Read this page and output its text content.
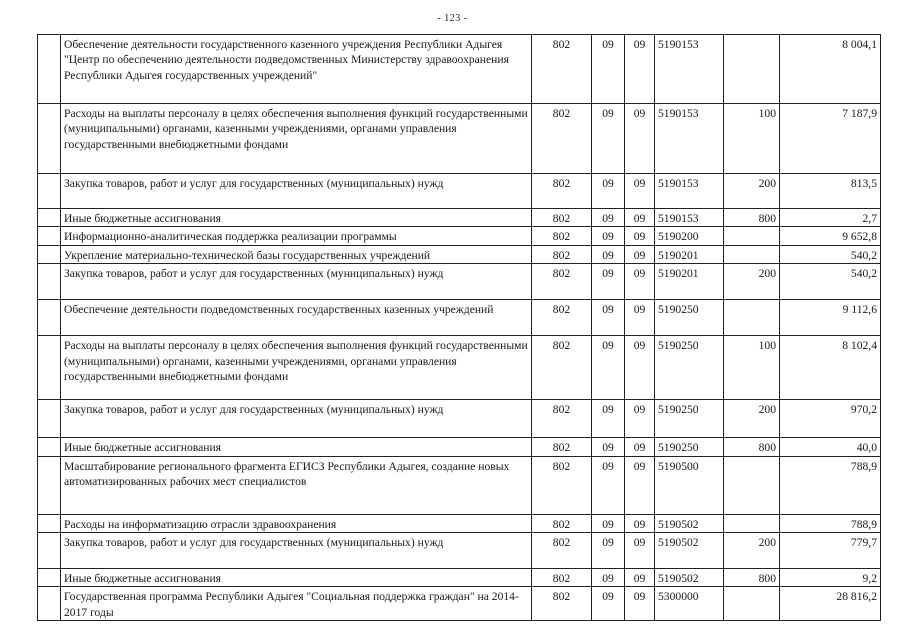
- 123 -
	Обеспечение деятельности государственного казенного учреждения Республики Адыгея "Центр по обеспечению деятельности подведомственных Министерству здравоохранения Республики Адыгея государственных учреждений"	802	09	09	5190153		8 004,1
	Расходы на выплаты персоналу в целях обеспечения выполнения функций государственными (муниципальными) органами, казенными учреждениями, органами управления государственными внебюджетными фондами	802	09	09	5190153	100	7 187,9
	Закупка товаров, работ и услуг для государственных (муниципальных) нужд	802	09	09	5190153	200	813,5
	Иные бюджетные ассигнования	802	09	09	5190153	800	2,7
	Информационно-аналитическая поддержка реализации программы	802	09	09	5190200		9 652,8
	Укрепление материально-технической базы государственных учреждений	802	09	09	5190201		540,2
	Закупка товаров, работ и услуг для государственных (муниципальных) нужд	802	09	09	5190201	200	540,2
	Обеспечение деятельности подведомственных государственных казенных учреждений	802	09	09	5190250		9 112,6
	Расходы на выплаты персоналу в целях обеспечения выполнения функций государственными (муниципальными) органами, казенными учреждениями, органами управления государственными внебюджетными фондами	802	09	09	5190250	100	8 102,4
	Закупка товаров, работ и услуг для государственных (муниципальных) нужд	802	09	09	5190250	200	970,2
	Иные бюджетные ассигнования	802	09	09	5190250	800	40,0
	Масштабирование регионального фрагмента ЕГИСЗ Республики Адыгея, создание новых автоматизированных рабочих мест специалистов	802	09	09	5190500		788,9
	Расходы на информатизацию отрасли здравоохранения	802	09	09	5190502		788,9
	Закупка товаров, работ и услуг для государственных (муниципальных) нужд	802	09	09	5190502	200	779,7
	Иные бюджетные ассигнования	802	09	09	5190502	800	9,2
	Государственная программа Республики Адыгея "Социальная поддержка граждан" на 2014-2017 годы	802	09	09	5300000		28 816,2
